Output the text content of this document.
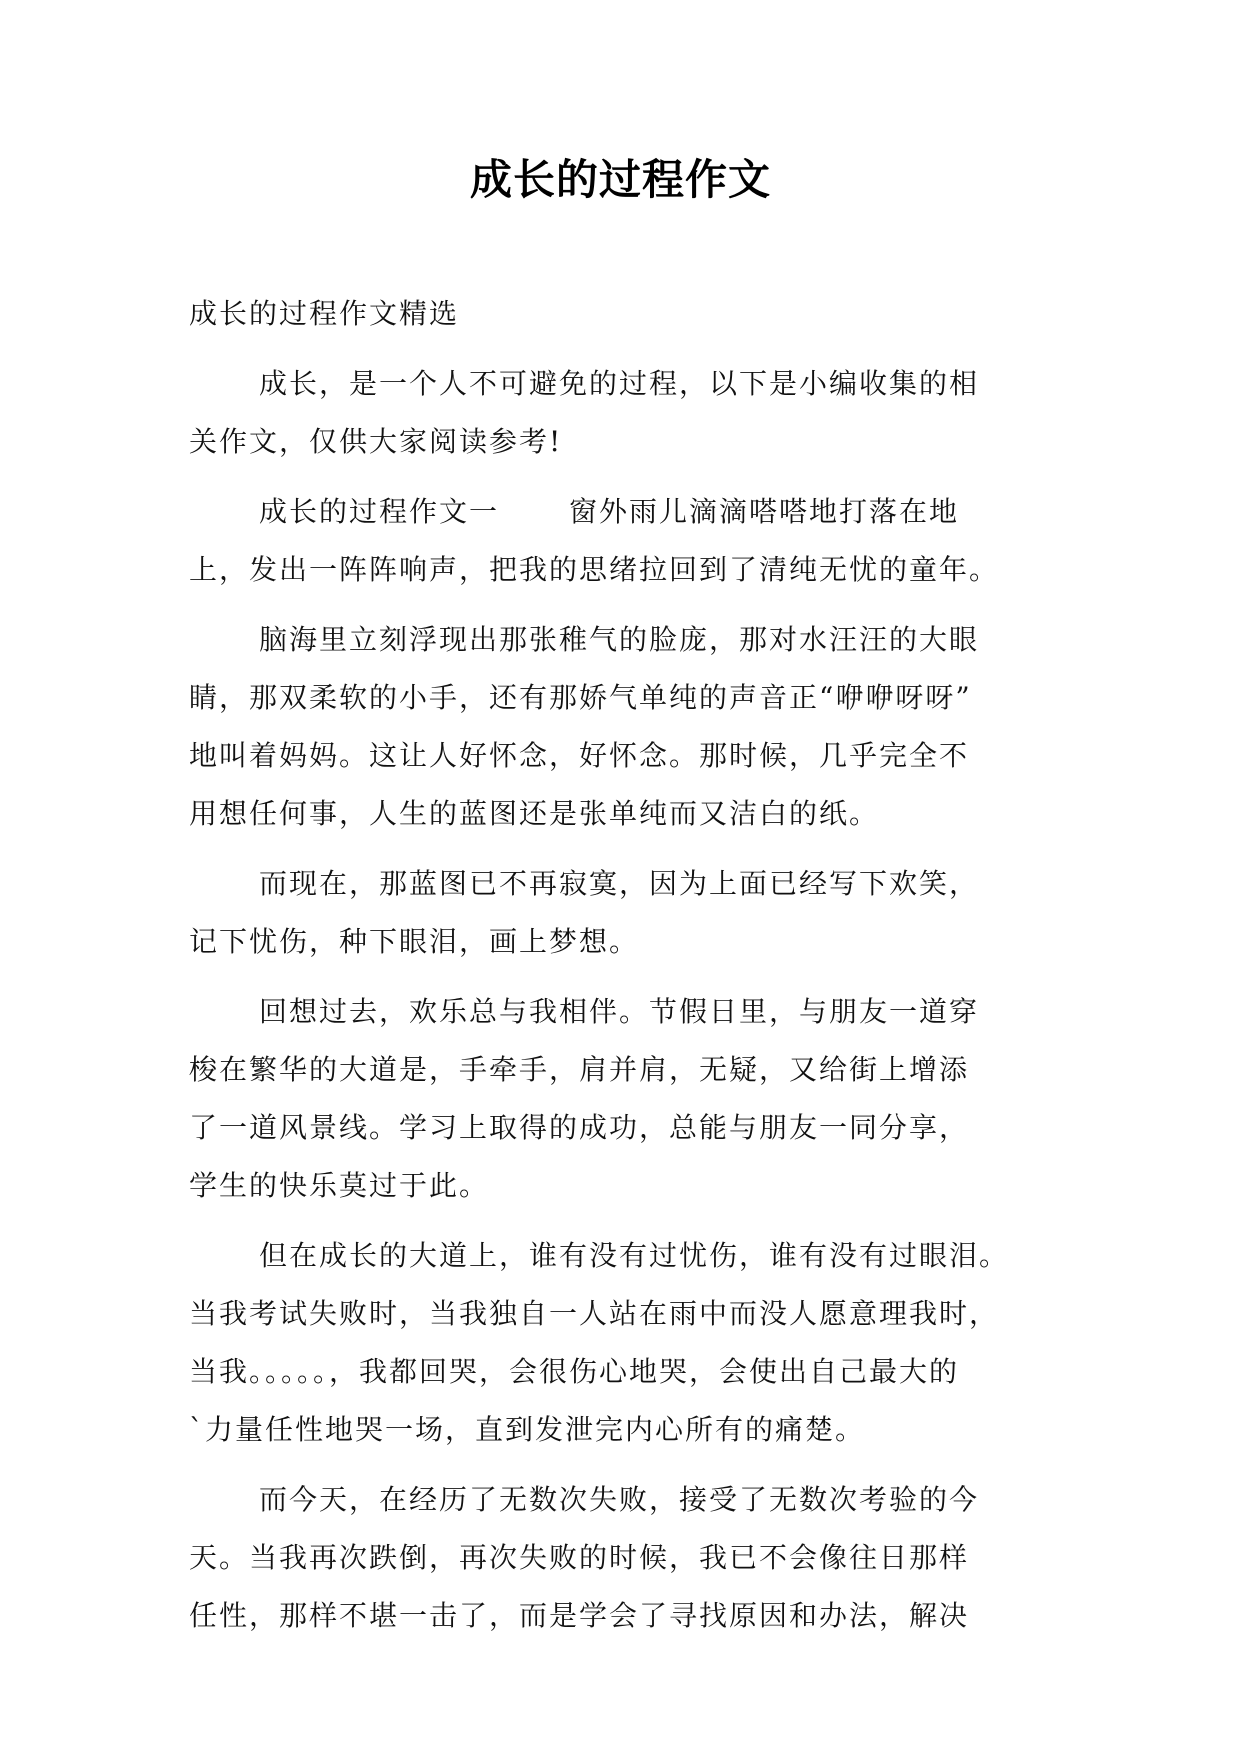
成长的过程作文

成长的过程作文精选

成长，是一个人不可避免的过程，以下是小编收集的相
关作文，仅供大家阅读参考!

成长的过程作文一	窗外雨儿滴滴嗒嗒地打落在地
上，发出一阵阵响声，把我的思绪拉回到了清纯无忧的童年。

脑海里立刻浮现出那张稚气的脸庞，那对水汪汪的大眼
睛，那双柔软的小手，还有那娇气单纯的声音正“咿咿呀呀”
地叫着妈妈。这让人好怀念，好怀念。那时候，几乎完全不
用想任何事，人生的蓝图还是张单纯而又洁白的纸。

而现在，那蓝图已不再寂寞，因为上面已经写下欢笑，
记下忧伤，种下眼泪，画上梦想。

回想过去，欢乐总与我相伴。节假日里，与朋友一道穿
梭在繁华的大道是，手牵手，肩并肩，无疑，又给街上增添
了一道风景线。学习上取得的成功，总能与朋友一同分享，
学生的快乐莫过于此。

但在成长的大道上，谁有没有过忧伤，谁有没有过眼泪。
当我考试失败时，当我独自一人站在雨中而没人愿意理我时，
当我。。。。。，我都回哭，会很伤心地哭，会使出自己最大的
`力量任性地哭一场，直到发泄完内心所有的痛楚。

而今天，在经历了无数次失败，接受了无数次考验的今
天。当我再次跌倒，再次失败的时候，我已不会像往日那样
任性，那样不堪一击了，而是学会了寻找原因和办法，解决
